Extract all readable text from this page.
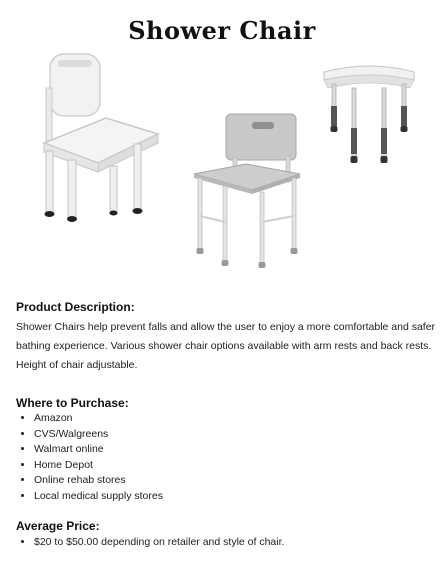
Shower Chair
Product Description:
Shower Chairs help prevent falls and allow the user to enjoy a more comfortable and safer bathing experience. Various shower chair options available with arm rests and back rests. Height of chair adjustable.
Where to Purchase:
• Amazon
• CVS/Walgreens
• Walmart online
• Home Depot
• Online rehab stores
• Local medical supply stores
Average Price:
• $20 to $50.00 depending on retailer and style of chair.
